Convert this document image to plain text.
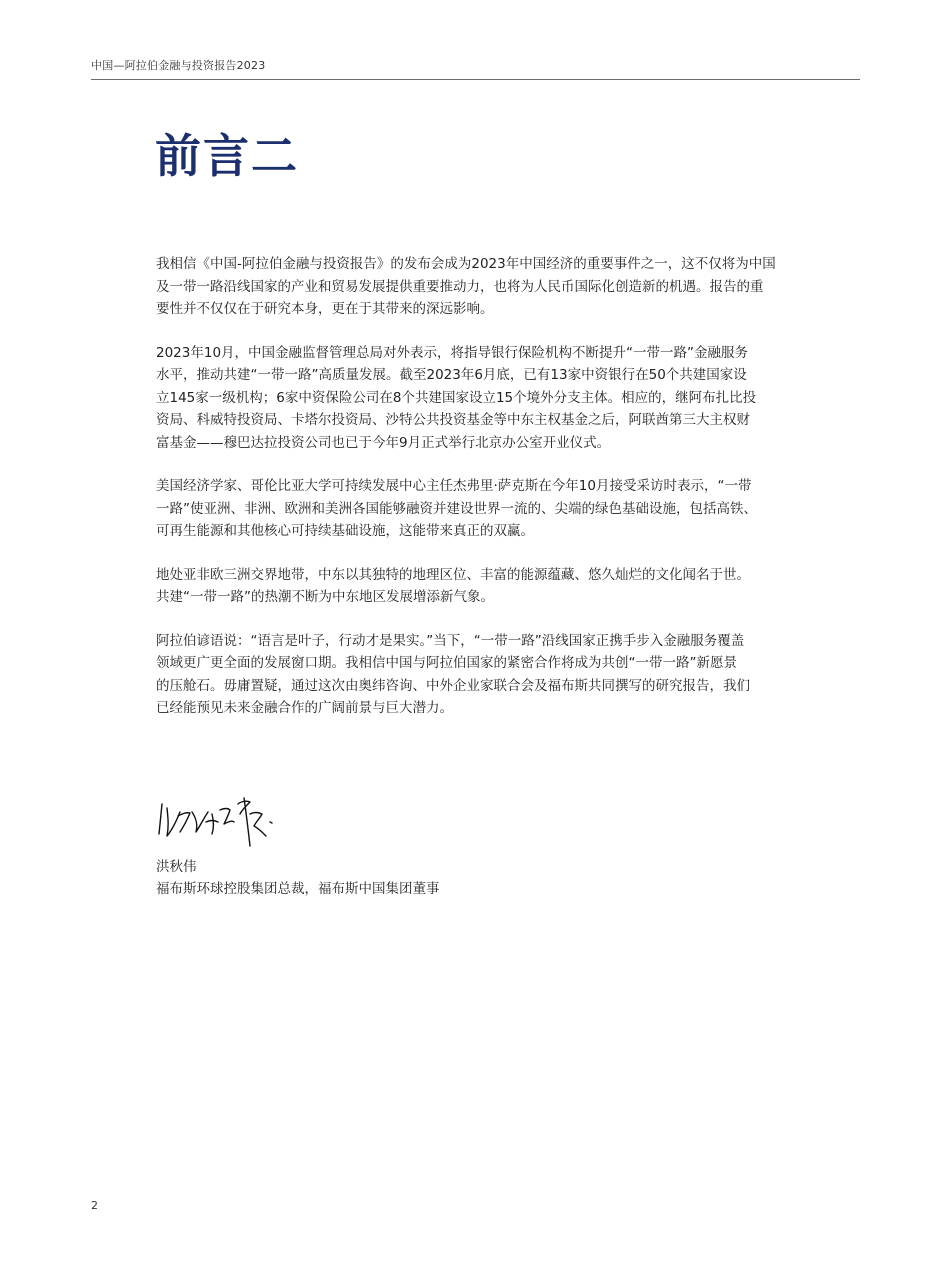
中国—阿拉伯金融与投资报告2023
前言二

我相信《中国-阿拉伯金融与投资报告》的发布会成为2023年中国经济的重要事件之一，这不仅将为中国
及一带一路沿线国家的产业和贸易发展提供重要推动力，也将为人民币国际化创造新的机遇。报告的重
要性并不仅仅在于研究本身，更在于其带来的深远影响。

2023年10月，中国金融监督管理总局对外表示，将指导银行保险机构不断提升“一带一路”金融服务
水平，推动共建“一带一路”高质量发展。截至2023年6月底，已有13家中资银行在50个共建国家设
立145家一级机构；6家中资保险公司在8个共建国家设立15个境外分支主体。相应的，继阿布扎比投
资局、科威特投资局、卡塔尔投资局、沙特公共投资基金等中东主权基金之后，阿联酋第三大主权财
富基金——穆巴达拉投资公司也已于今年9月正式举行北京办公室开业仪式。

美国经济学家、哥伦比亚大学可持续发展中心主任杰弗里·萨克斯在今年10月接受采访时表示，“一带
一路”使亚洲、非洲、欧洲和美洲各国能够融资并建设世界一流的、尖端的绿色基础设施，包括高铁、
可再生能源和其他核心可持续基础设施，这能带来真正的双赢。

地处亚非欧三洲交界地带，中东以其独特的地理区位、丰富的能源蕴藏、悠久灿烂的文化闻名于世。
共建“一带一路”的热潮不断为中东地区发展增添新气象。

阿拉伯谚语说：“语言是叶子，行动才是果实。”当下，“一带一路”沿线国家正携手步入金融服务覆盖
领域更广更全面的发展窗口期。我相信中国与阿拉伯国家的紧密合作将成为共创“一带一路”新愿景
的压舱石。毋庸置疑，通过这次由奥纬咨询、中外企业家联合会及福布斯共同撰写的研究报告，我们
已经能预见未来金融合作的广阔前景与巨大潜力。

洪秋伟
福布斯环球控股集团总裁，福布斯中国集团董事
2
